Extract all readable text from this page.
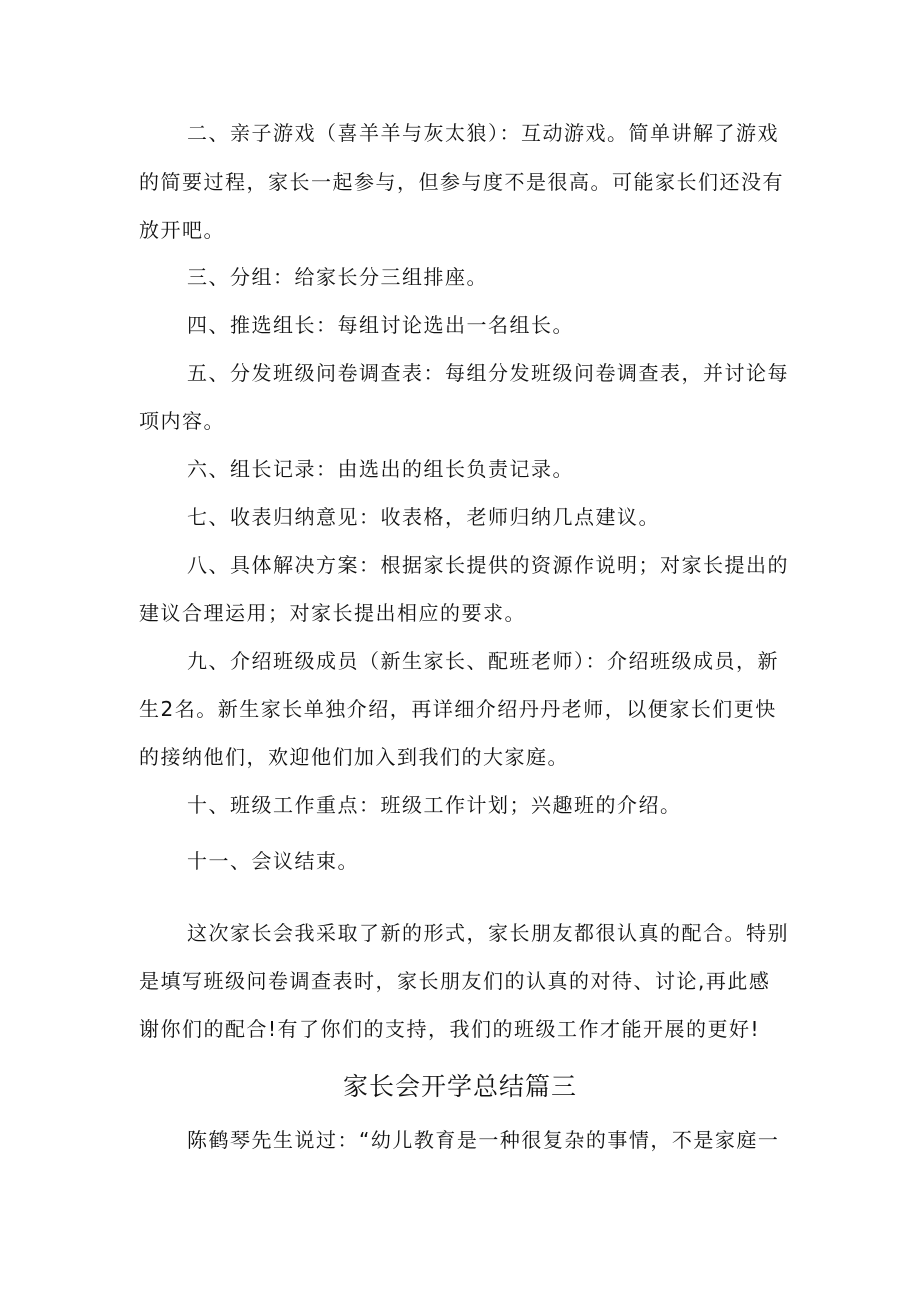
二、亲子游戏（喜羊羊与灰太狼）：互动游戏。简单讲解了游戏
的简要过程，家长一起参与，但参与度不是很高。可能家长们还没有
放开吧。
三、分组：给家长分三组排座。
四、推选组长：每组讨论选出一名组长。
五、分发班级问卷调查表：每组分发班级问卷调查表，并讨论每
项内容。
六、组长记录：由选出的组长负责记录。
七、收表归纳意见：收表格，老师归纳几点建议。
八、具体解决方案：根据家长提供的资源作说明；对家长提出的
建议合理运用；对家长提出相应的要求。
九、介绍班级成员（新生家长、配班老师）：介绍班级成员，新
生2名。新生家长单独介绍，再详细介绍丹丹老师，以便家长们更快
的接纳他们，欢迎他们加入到我们的大家庭。
十、班级工作重点：班级工作计划；兴趣班的介绍。
十一、会议结束。
这次家长会我采取了新的形式，家长朋友都很认真的配合。特别
是填写班级问卷调查表时，家长朋友们的认真的对待、讨论,再此感
谢你们的配合!有了你们的支持，我们的班级工作才能开展的更好!
家长会开学总结篇三
陈鹤琴先生说过：“幼儿教育是一种很复杂的事情，不是家庭一
